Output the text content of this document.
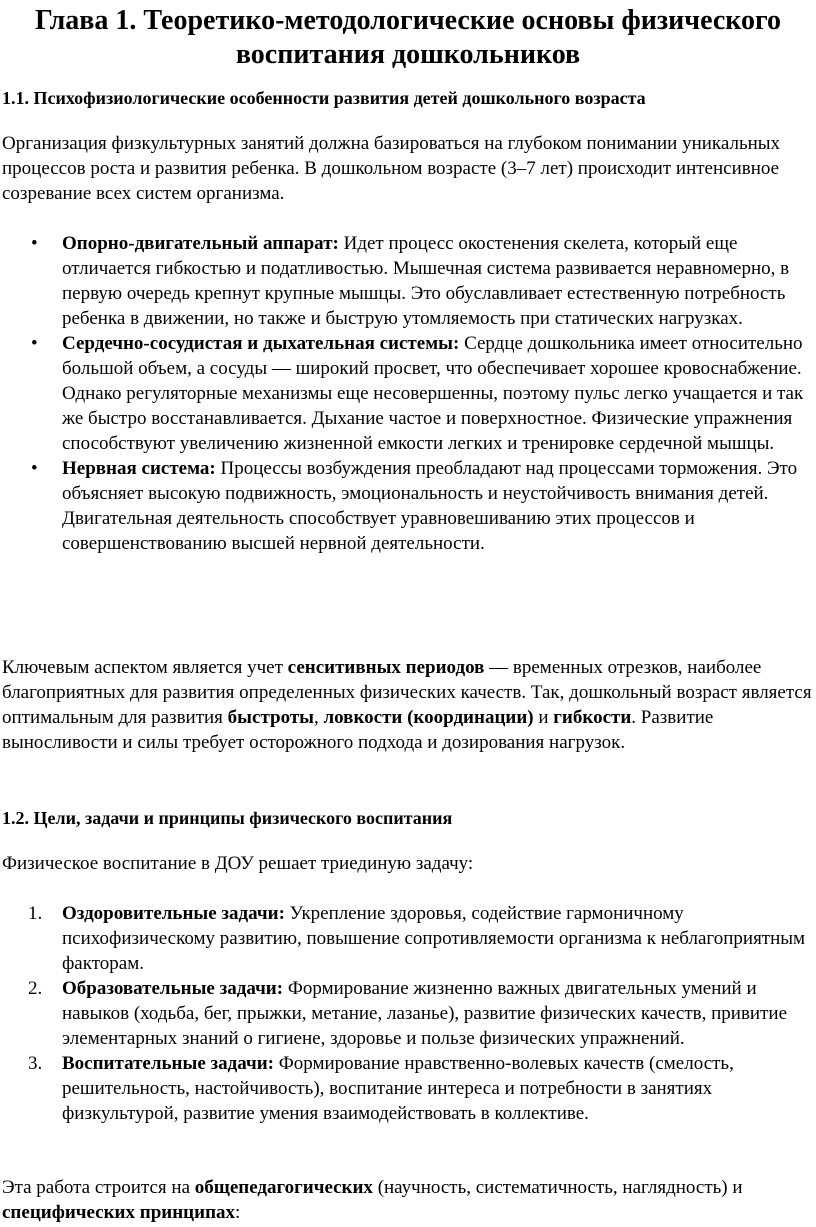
Глава 1. Теоретико-методологические основы физического воспитания дошкольников
1.1. Психофизиологические особенности развития детей дошкольного возраста

Организация физкультурных занятий должна базироваться на глубоком понимании уникальных процессов роста и развития ребенка. В дошкольном возрасте (3–7 лет) происходит интенсивное созревание всех систем организма.

• Опорно-двигательный аппарат: Идет процесс окостенения скелета, который еще отличается гибкостью и податливостью. Мышечная система развивается неравномерно, в первую очередь крепнут крупные мышцы. Это обуславливает естественную потребность ребенка в движении, но также и быструю утомляемость при статических нагрузках.
• Сердечно-сосудистая и дыхательная системы: Сердце дошкольника имеет относительно большой объем, а сосуды — широкий просвет, что обеспечивает хорошее кровоснабжение. Однако регуляторные механизмы еще несовершенны, поэтому пульс легко учащается и так же быстро восстанавливается. Дыхание частое и поверхностное. Физические упражнения способствуют увеличению жизненной емкости легких и тренировке сердечной мышцы.
• Нервная система: Процессы возбуждения преобладают над процессами торможения. Это объясняет высокую подвижность, эмоциональность и неустойчивость внимания детей. Двигательная деятельность способствует уравновешиванию этих процессов и совершенствованию высшей нервной деятельности.

Ключевым аспектом является учет сенситивных периодов — временных отрезков, наиболее благоприятных для развития определенных физических качеств. Так, дошкольный возраст является оптимальным для развития быстроты, ловкости (координации) и гибкости. Развитие выносливости и силы требует осторожного подхода и дозирования нагрузок.

1.2. Цели, задачи и принципы физического воспитания

Физическое воспитание в ДОУ решает триединую задачу:

1. Оздоровительные задачи: Укрепление здоровья, содействие гармоничному психофизическому развитию, повышение сопротивляемости организма к неблагоприятным факторам.
2. Образовательные задачи: Формирование жизненно важных двигательных умений и навыков (ходьба, бег, прыжки, метание, лазанье), развитие физических качеств, привитие элементарных знаний о гигиене, здоровье и пользе физических упражнений.
3. Воспитательные задачи: Формирование нравственно-волевых качеств (смелость, решительность, настойчивость), воспитание интереса и потребности в занятиях физкультурой, развитие умения взаимодействовать в коллективе.

Эта работа строится на общепедагогических (научность, систематичность, наглядность) и специфических принципах:
